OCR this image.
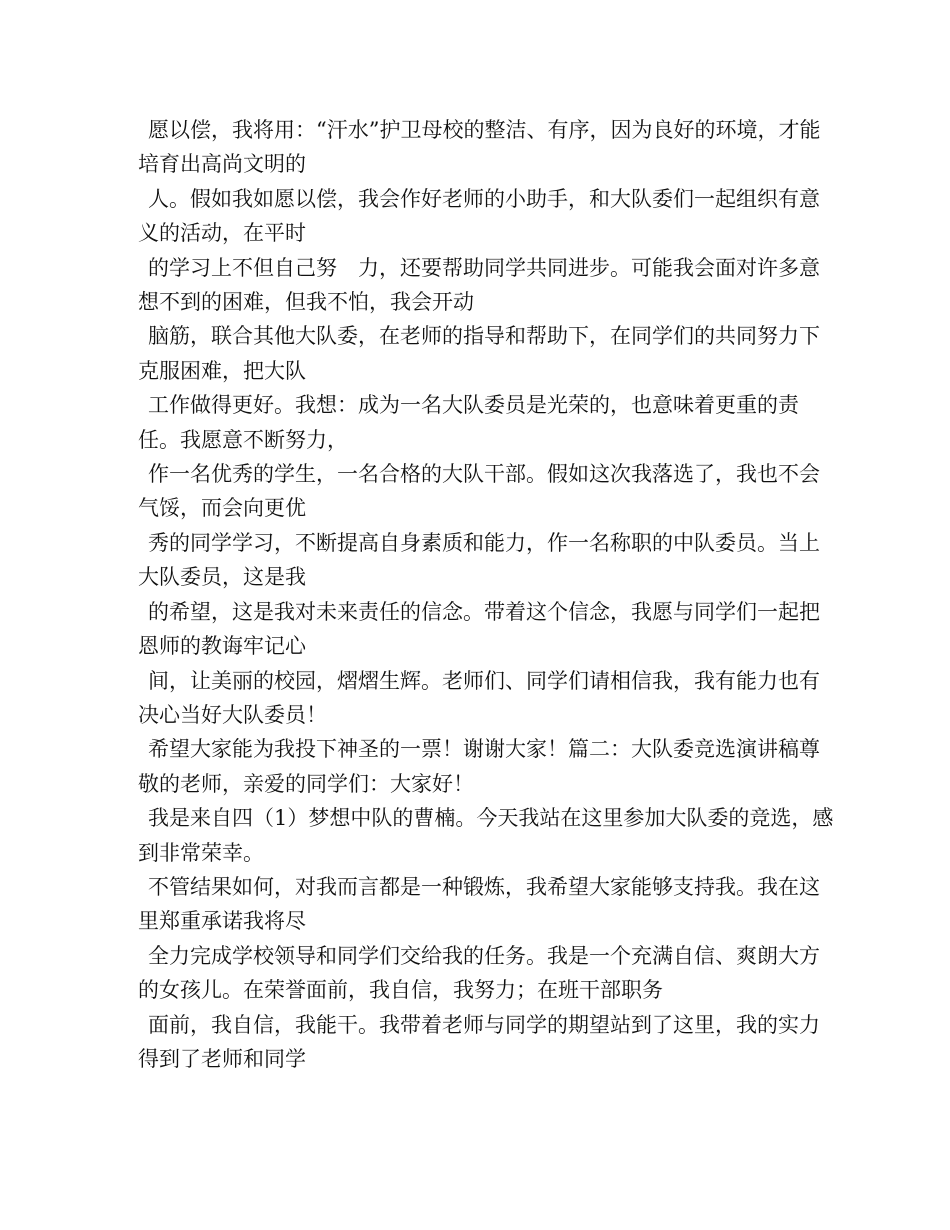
愿以偿，我将用：“汗水”护卫母校的整洁、有序，因为良好的环境，才能培育出高尚文明的

人。假如我如愿以偿，我会作好老师的小助手，和大队委们一起组织有意义的活动，在平时

的学习上不但自己努　力，还要帮助同学共同进步。可能我会面对许多意想不到的困难，但我不怕，我会开动

脑筋，联合其他大队委，在老师的指导和帮助下，在同学们的共同努力下克服困难，把大队

工作做得更好。我想：成为一名大队委员是光荣的，也意味着更重的责任。我愿意不断努力，

作一名优秀的学生，一名合格的大队干部。假如这次我落选了，我也不会气馁，而会向更优

秀的同学学习，不断提高自身素质和能力，作一名称职的中队委员。当上大队委员，这是我

的希望，这是我对未来责任的信念。带着这个信念，我愿与同学们一起把恩师的教诲牢记心

间，让美丽的校园，熠熠生辉。老师们、同学们请相信我，我有能力也有决心当好大队委员！

希望大家能为我投下神圣的一票！谢谢大家！篇二：大队委竞选演讲稿尊敬的老师，亲爱的同学们：大家好！

我是来自四（1）梦想中队的曹楠。今天我站在这里参加大队委的竞选，感到非常荣幸。

不管结果如何，对我而言都是一种锻炼，我希望大家能够支持我。我在这里郑重承诺我将尽

全力完成学校领导和同学们交给我的任务。我是一个充满自信、爽朗大方的女孩儿。在荣誉面前，我自信，我努力；在班干部职务

面前，我自信，我能干。我带着老师与同学的期望站到了这里，我的实力得到了老师和同学
